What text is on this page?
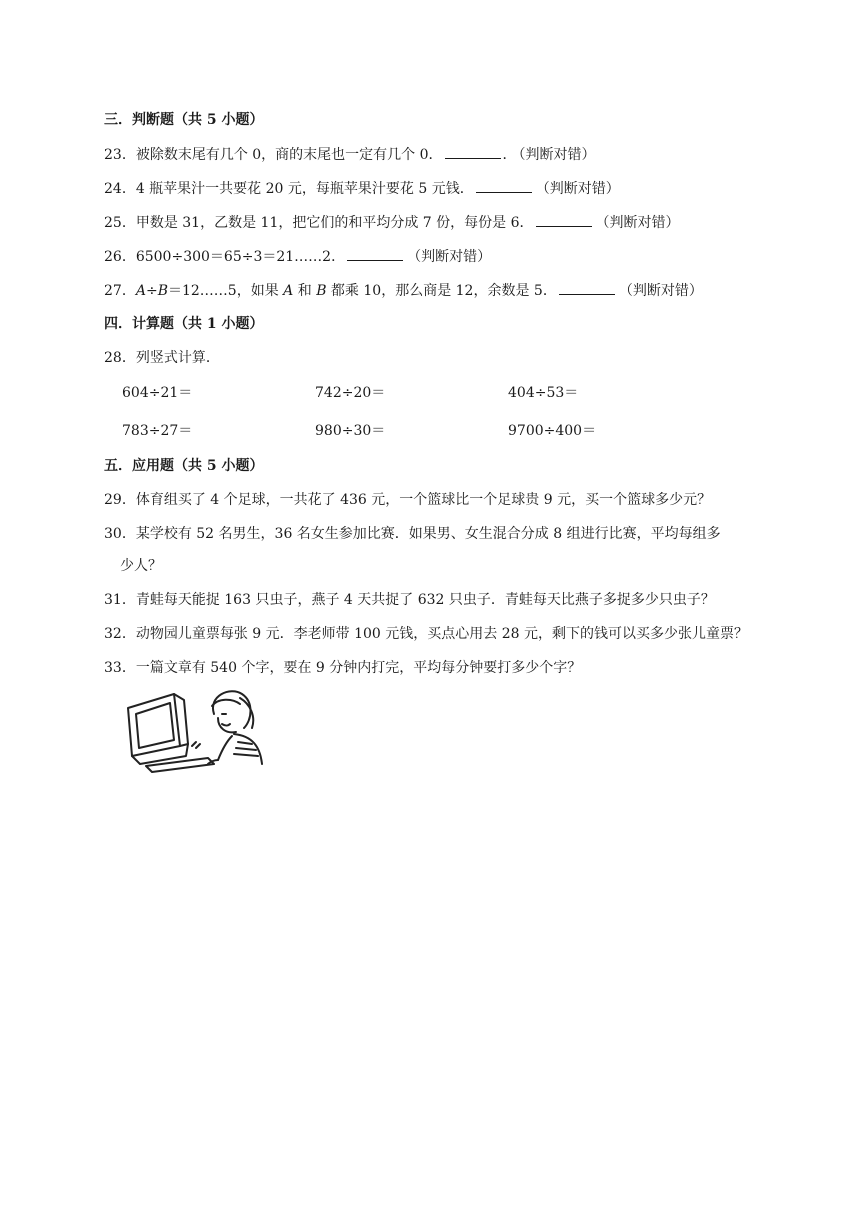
三．判断题（共 5 小题）
23．被除数末尾有几个 0，商的末尾也一定有几个 0．	． （判断对错）
24．4 瓶苹果汁一共要花 20 元，每瓶苹果汁要花 5 元钱．	（判断对错）
25．甲数是 31，乙数是 11，把它们的和平均分成 7 份，每份是 6．	（判断对错）
26．6500÷300＝65÷3＝21……2．	（判断对错）
27．A÷B＝12……5，如果 A 和 B 都乘 10，那么商是 12，余数是 5．	（判断对错）
四．计算题（共 1 小题）
28．列竖式计算．
604÷21＝	742÷20＝	404÷53＝
783÷27＝	980÷30＝	9700÷400＝
五．应用题（共 5 小题）
29．体育组买了 4 个足球，一共花了 436 元，一个篮球比一个足球贵 9 元，买一个篮球多少元？
30．某学校有 52 名男生，36 名女生参加比赛．如果男、女生混合分成 8 组进行比赛，平均每组多
少人？
31．青蛙每天能捉 163 只虫子，燕子 4 天共捉了 632 只虫子．青蛙每天比燕子多捉多少只虫子？
32．动物园儿童票每张 9 元．李老师带 100 元钱，买点心用去 28 元，剩下的钱可以买多少张儿童票？
33．一篇文章有 540 个字，要在 9 分钟内打完，平均每分钟要打多少个字？
